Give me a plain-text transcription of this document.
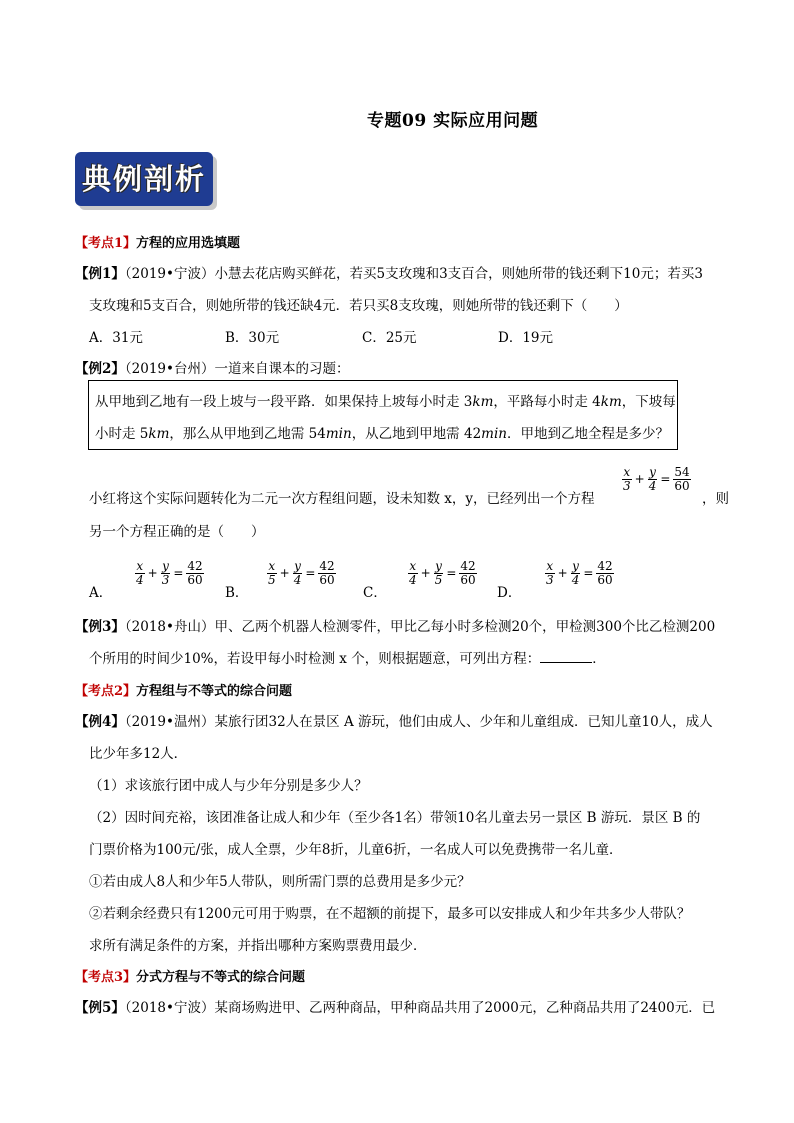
专题09 实际应用问题
典例剖析
【考点1】方程的应用选填题
【例1】（2019•宁波）小慧去花店购买鲜花，若买5支玫瑰和3支百合，则她所带的钱还剩下10元；若买3
支玫瑰和5支百合，则她所带的钱还缺4元．若只买8支玫瑰，则她所带的钱还剩下（　　）
A．31元	B．30元	C．25元	D．19元
【例2】（2019•台州）一道来自课本的习题：
从甲地到乙地有一段上坡与一段平路．如果保持上坡每小时走 3km，平路每小时走 4km，下坡每
小时走 5km，那么从甲地到乙地需 54min，从乙地到甲地需 42min．甲地到乙地全程是多少？
小红将这个实际问题转化为二元一次方程组问题，设未知数 x，y，已经列出一个方程
$\frac{x}{3} + \frac{y}{4} = \frac{54}{60}$
，则
另一个方程正确的是（　　）
A．
$\frac{x}{4} + \frac{y}{3} = \frac{42}{60}$
B．
$\frac{x}{5} + \frac{y}{4} = \frac{42}{60}$
C．
$\frac{x}{4} + \frac{y}{5} = \frac{42}{60}$
D．
$\frac{x}{3} + \frac{y}{4} = \frac{42}{60}$
【例3】（2018•舟山）甲、乙两个机器人检测零件，甲比乙每小时多检测20个，甲检测300个比乙检测200
个所用的时间少10%，若设甲每小时检测 x 个，则根据题意，可列出方程：	．
【考点2】方程组与不等式的综合问题
【例4】（2019•温州）某旅行团32人在景区 A 游玩，他们由成人、少年和儿童组成．已知儿童10人，成人
比少年多12人．
（1）求该旅行团中成人与少年分别是多少人？
（2）因时间充裕，该团准备让成人和少年（至少各1名）带领10名儿童去另一景区 B 游玩．景区 B 的
门票价格为100元/张，成人全票，少年8折，儿童6折，一名成人可以免费携带一名儿童．
①若由成人8人和少年5人带队，则所需门票的总费用是多少元？
②若剩余经费只有1200元可用于购票，在不超额的前提下，最多可以安排成人和少年共多少人带队？
求所有满足条件的方案，并指出哪种方案购票费用最少．
【考点3】分式方程与不等式的综合问题
【例5】（2018•宁波）某商场购进甲、乙两种商品，甲种商品共用了2000元，乙种商品共用了2400元．已
